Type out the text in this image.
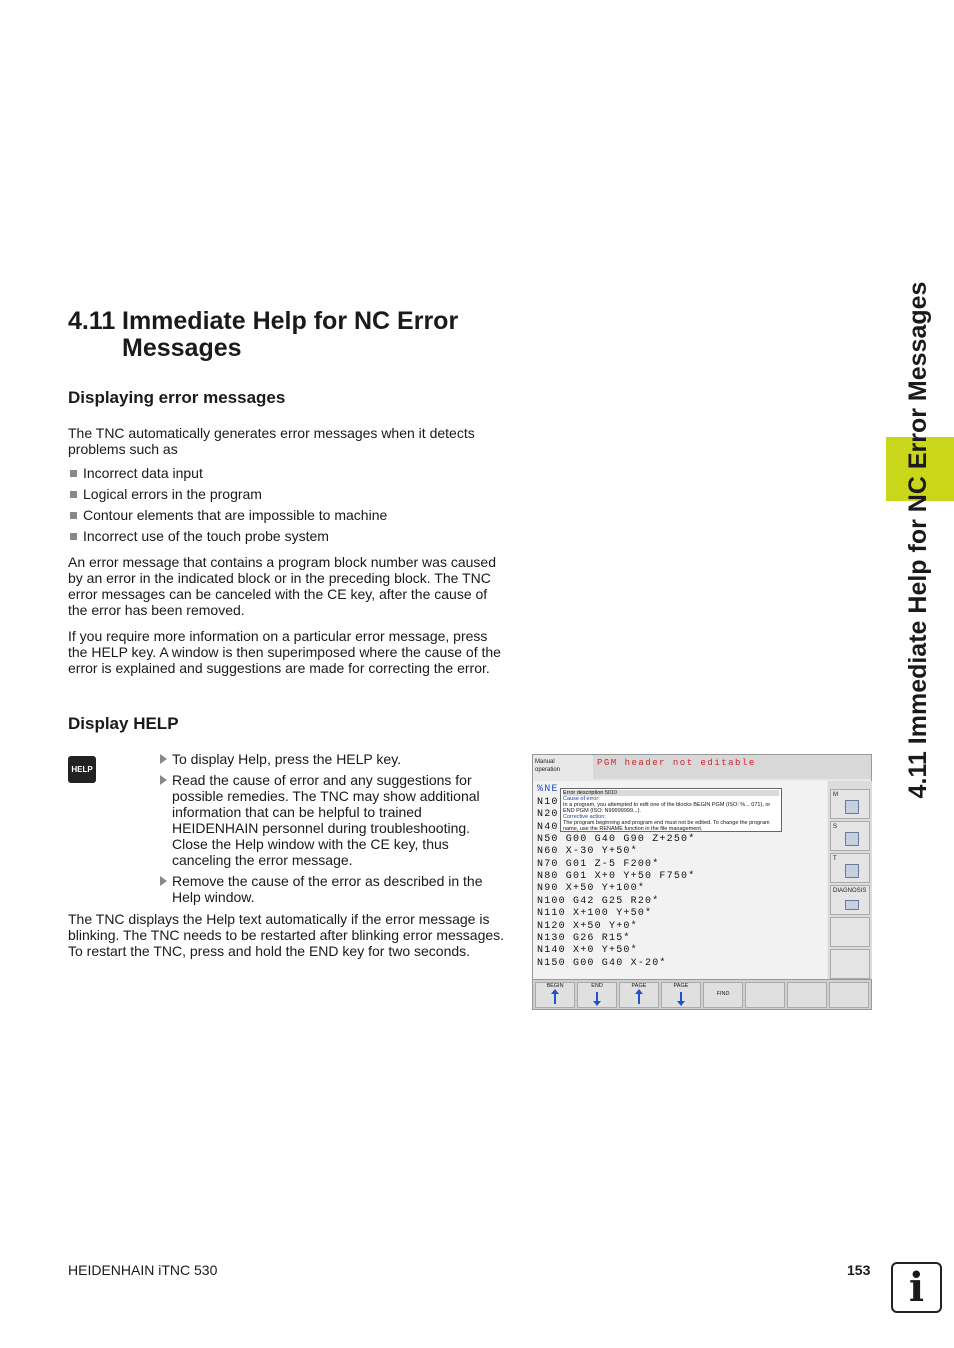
4.11 Immediate Help for NC Error Messages
4.11 Immediate Help for NC Error
Messages
Displaying error messages
The TNC automatically generates error messages when it detects problems such as
Incorrect data input
Logical errors in the program
Contour elements that are impossible to machine
Incorrect use of the touch probe system
An error message that contains a program block number was caused by an error in the indicated block or in the preceding block. The TNC error messages can be canceled with the CE key, after the cause of the error has been removed.
If you require more information on a particular error message, press the HELP key. A window is then superimposed where the cause of the error is explained and suggestions are made for correcting the error.
Display HELP
HELP
To display Help, press the HELP key.
Read the cause of error and any suggestions for possible remedies. The TNC may show additional information that can be helpful to trained HEIDENHAIN personnel during troubleshooting. Close the Help window with the CE key, thus canceling the error message.
Remove the cause of the error as described in the Help window.
The TNC displays the Help text automatically if the error message is blinking. The TNC needs to be restarted after blinking error messages. To restart the TNC, press and hold the END key for two seconds.
Manual
operation
PGM header not editable
%NE
N10
N20
N40
N50 G00 G40 G90 Z+250*
N60 X-30 Y+50*
N70 G01 Z-5 F200*
N80 G01 X+0 Y+50 F750*
N90 X+50 Y+100*
N100 G42 G25 R20*
N110 X+100 Y+50*
N120 X+50 Y+0*
N130 G26 R15*
N140 X+0 Y+50*
N150 G00 G40 X-20*
Error description 5010
Cause of error:
In a program, you attempted to edit one of the blocks BEGIN PGM (ISO: %... 071), or END PGM (ISO: N99999999...).
Corrective action:
The program beginning and program end must not be edited. To change the program name, use the RENAME function in the file management.
M
S
T
DIAGNOSIS
BEGIN	END	PAGE	PAGE
FIND
HEIDENHAIN iTNC 530	153 i
